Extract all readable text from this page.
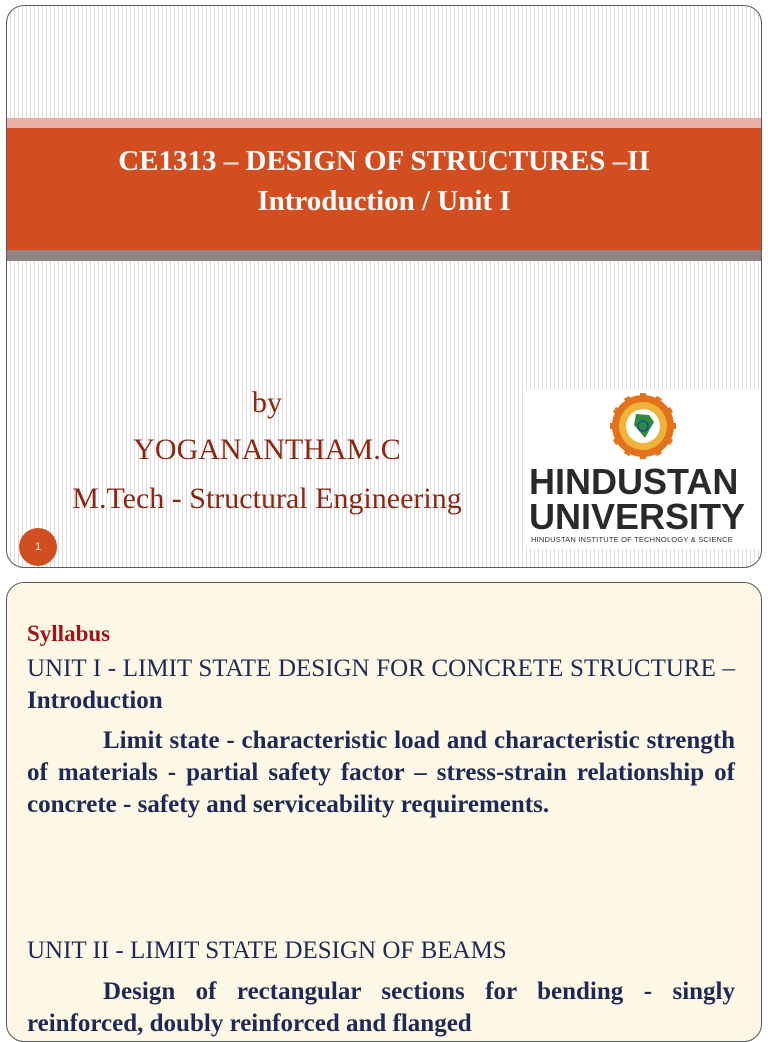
CE1313 – DESIGN OF STRUCTURES –II
Introduction / Unit I
by
YOGANANTHAM.C
M.Tech - Structural Engineering	HINDUSTAN
UNIVERSITY
HINDUSTAN INSTITUTE OF TECHNOLOGY & SCIENCE
1
Syllabus
UNIT I - LIMIT STATE DESIGN FOR CONCRETE STRUCTURE – Introduction
Limit state - characteristic load and characteristic strength of materials - partial safety factor – stress-strain relationship of concrete - safety and serviceability requirements.
UNIT II - LIMIT STATE DESIGN OF BEAMS
Design of rectangular sections for bending - singly reinforced, doubly reinforced and flanged
